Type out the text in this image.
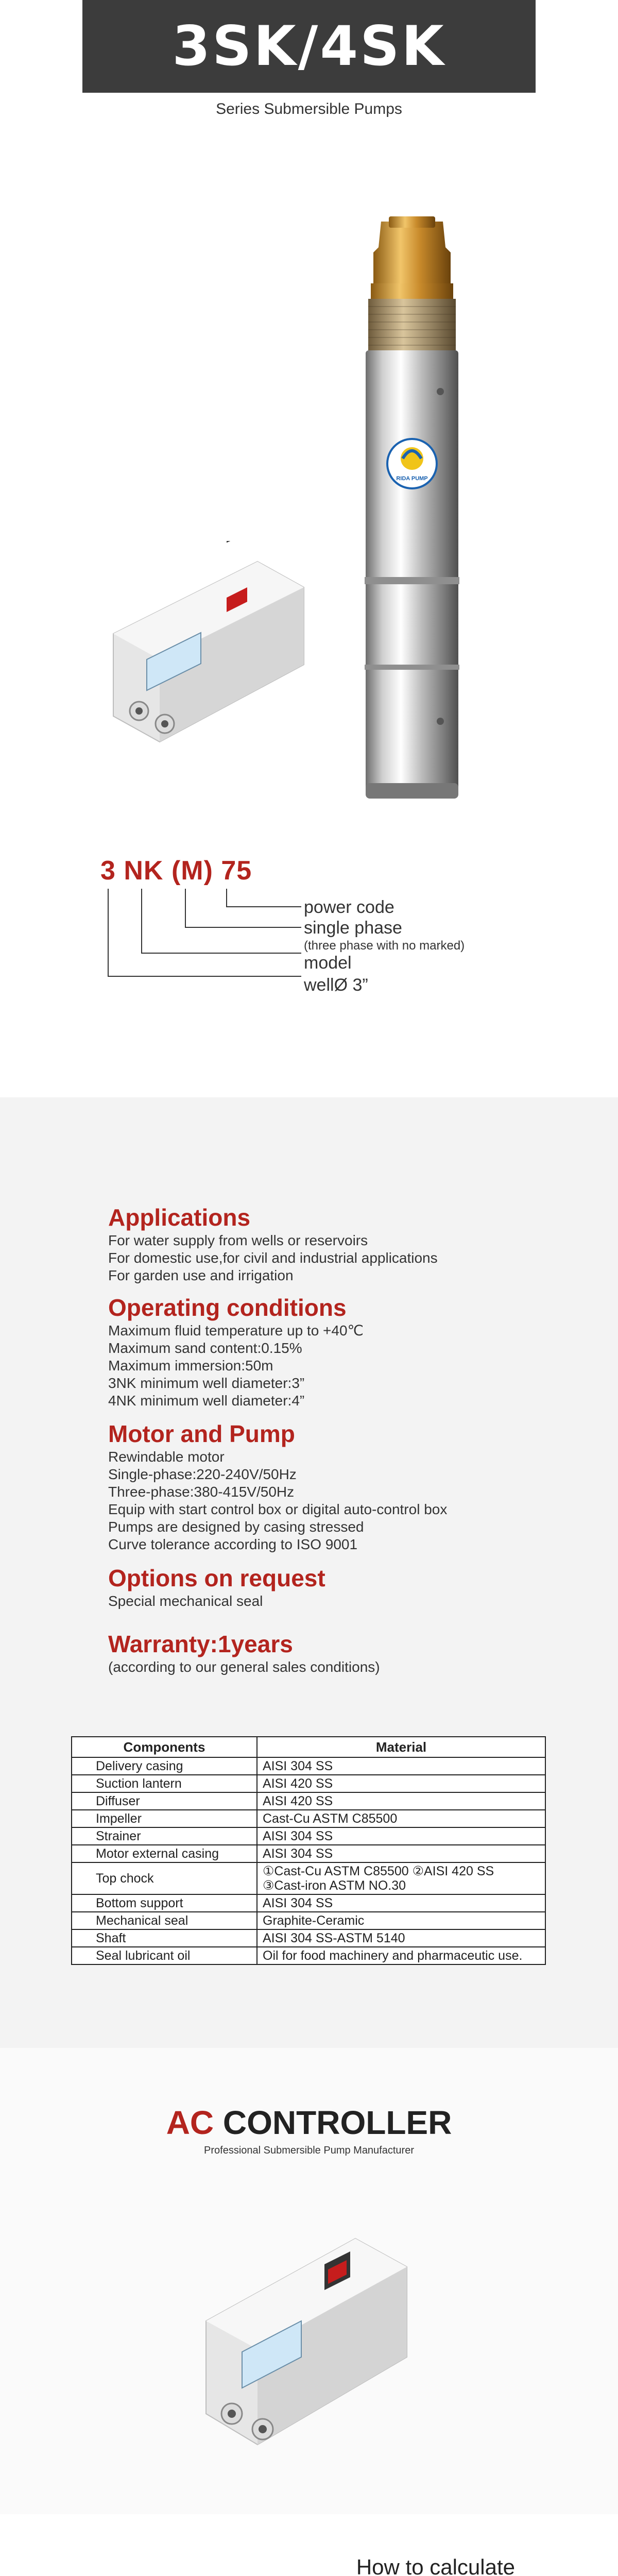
3SK/4SK
Series Submersible Pumps
RIDA PUMP
3 NK (M) 75
power code
single phase
(three phase with no marked)
model
wellØ 3”
Applications
For water supply from wells or reservoirs
For domestic use,for civil and industrial applications
For garden use and irrigation
Operating conditions
Maximum fluid temperature up to +40℃
Maximum sand content:0.15%
Maximum immersion:50m
3NK minimum well diameter:3”
4NK minimum well diameter:4”
Motor and Pump
Rewindable motor
Single-phase:220-240V/50Hz
Three-phase:380-415V/50Hz
Equip with start control box or digital auto-control box
Pumps are designed by casing stressed
Curve tolerance according to ISO 9001
Options on request
Special mechanical seal
Warranty:1years
(according to our general sales conditions)
Components	Material
Delivery casing	AISI 304 SS
Suction lantern	AISI 420 SS
Diffuser	AISI 420 SS
Impeller	Cast-Cu ASTM C85500
Strainer	AISI 304 SS
Motor external casing	AISI 304 SS
Top chock	①Cast-Cu ASTM C85500 ②AISI 420 SS
③Cast-iron ASTM NO.30
Bottom support	AISI 304 SS
Mechanical seal	Graphite-Ceramic
Shaft	AISI 304 SS-ASTM 5140
Seal lubricant oil	Oil for food machinery and pharmaceutic use.
AC CONTROLLER
Professional Submersible Pump Manufacturer
How to calculate
